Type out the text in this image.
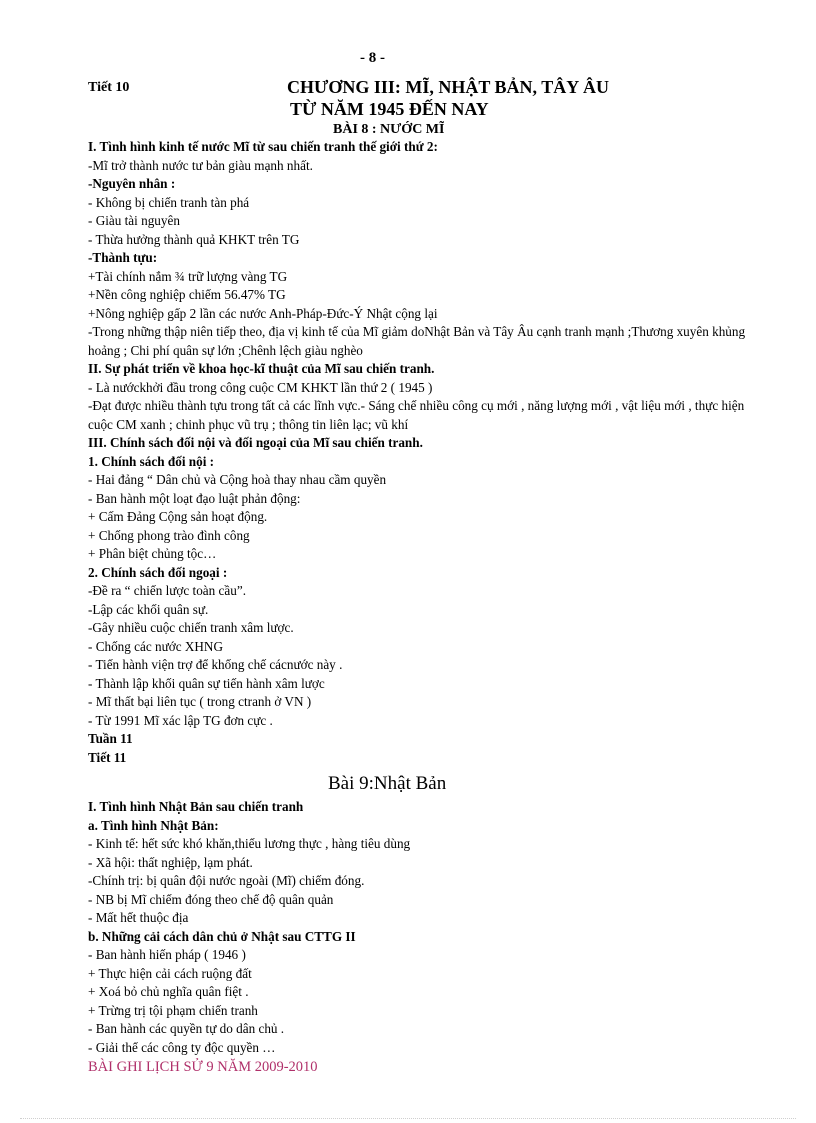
- 8 -
Tiết 10	CHƯƠNG III: MĨ, NHẬT BẢN, TÂY ÂU
TỪ NĂM 1945 ĐẾN NAY
BÀI 8 : NƯỚC MĨ
I. Tình hình kinh tế nước Mĩ từ sau chiến tranh thế giới thứ 2:
-Mĩ trở thành nước tư bản giàu mạnh nhất.
-Nguyên nhân :
- Không bị chiến tranh tàn phá
- Giàu tài nguyên
- Thừa hưởng thành quả KHKT trên TG
-Thành tựu:
+Tài chính nắm ¾ trữ lượng vàng TG
+Nền công nghiệp chiếm 56.47% TG
+Nông nghiệp gấp 2 lần các nước Anh-Pháp-Đức-Ý Nhật cộng lại
-Trong những thập niên tiếp theo, địa vị kinh tế của Mĩ giảm doNhật Bản và Tây Âu cạnh tranh mạnh ;Thương xuyên khủng hoảng ; Chi phí quân sự lớn ;Chênh lệch giàu nghèo
II. Sự phát triển về khoa học-kĩ thuật của Mĩ sau chiến tranh.
- Là nướckhởi đầu trong công cuộc CM KHKT lần thứ 2 ( 1945 )
-Đạt được nhiều thành tựu trong tất cả các lĩnh vực.- Sáng chế nhiều công cụ mới , năng lượng mới , vật liệu mới , thực hiện cuộc CM xanh ; chinh phục vũ trụ ; thông tin liên lạc; vũ khí
III. Chính sách đối nội và đối ngoại của Mĩ sau chiến tranh.
1. Chính sách đối nội :
- Hai đảng “ Dân chủ và Cộng hoà thay nhau cầm quyền
- Ban hành một loạt đạo luật phản động:
+ Cấm Đảng Cộng sản hoạt động.
+ Chống phong trào đình công
+ Phân biệt chủng tộc…
2. Chính sách đối ngoại :
-Đề ra “ chiến lược toàn cầu”.
-Lập các khối quân sự.
-Gây nhiều cuộc chiến tranh xâm lược.
- Chống các nước XHNG
- Tiến hành viện trợ để khống chế cácnước này .
- Thành lập khối quân sự tiến hành xâm lược
- Mĩ thất bại liên tục ( trong ctranh ở VN )
- Từ 1991 Mĩ xác lập TG đơn cực .
Tuần 11
Tiết 11
Bài 9:Nhật Bản
I. Tình hình Nhật Bản sau chiến tranh
a. Tình hình Nhật Bản:
- Kinh tế: hết sức khó khăn,thiếu lương thực , hàng tiêu dùng
- Xã hội: thất nghiệp, lạm phát.
-Chính trị: bị quân đội nước ngoài (Mĩ) chiếm đóng.
- NB bị Mĩ chiếm đóng theo chế độ quân quản
- Mất hết thuộc địa
b. Những cải cách dân chủ ở Nhật sau CTTG II
- Ban hành hiến pháp ( 1946 )
+ Thực hiện cải cách ruộng đất
+ Xoá bỏ chủ nghĩa quân fiệt .
+ Trừng trị tội phạm chiến tranh
- Ban hành các quyền tự do dân chủ .
- Giải thể các công ty độc quyền …
BÀI GHI LỊCH SỬ 9 NĂM 2009-2010
